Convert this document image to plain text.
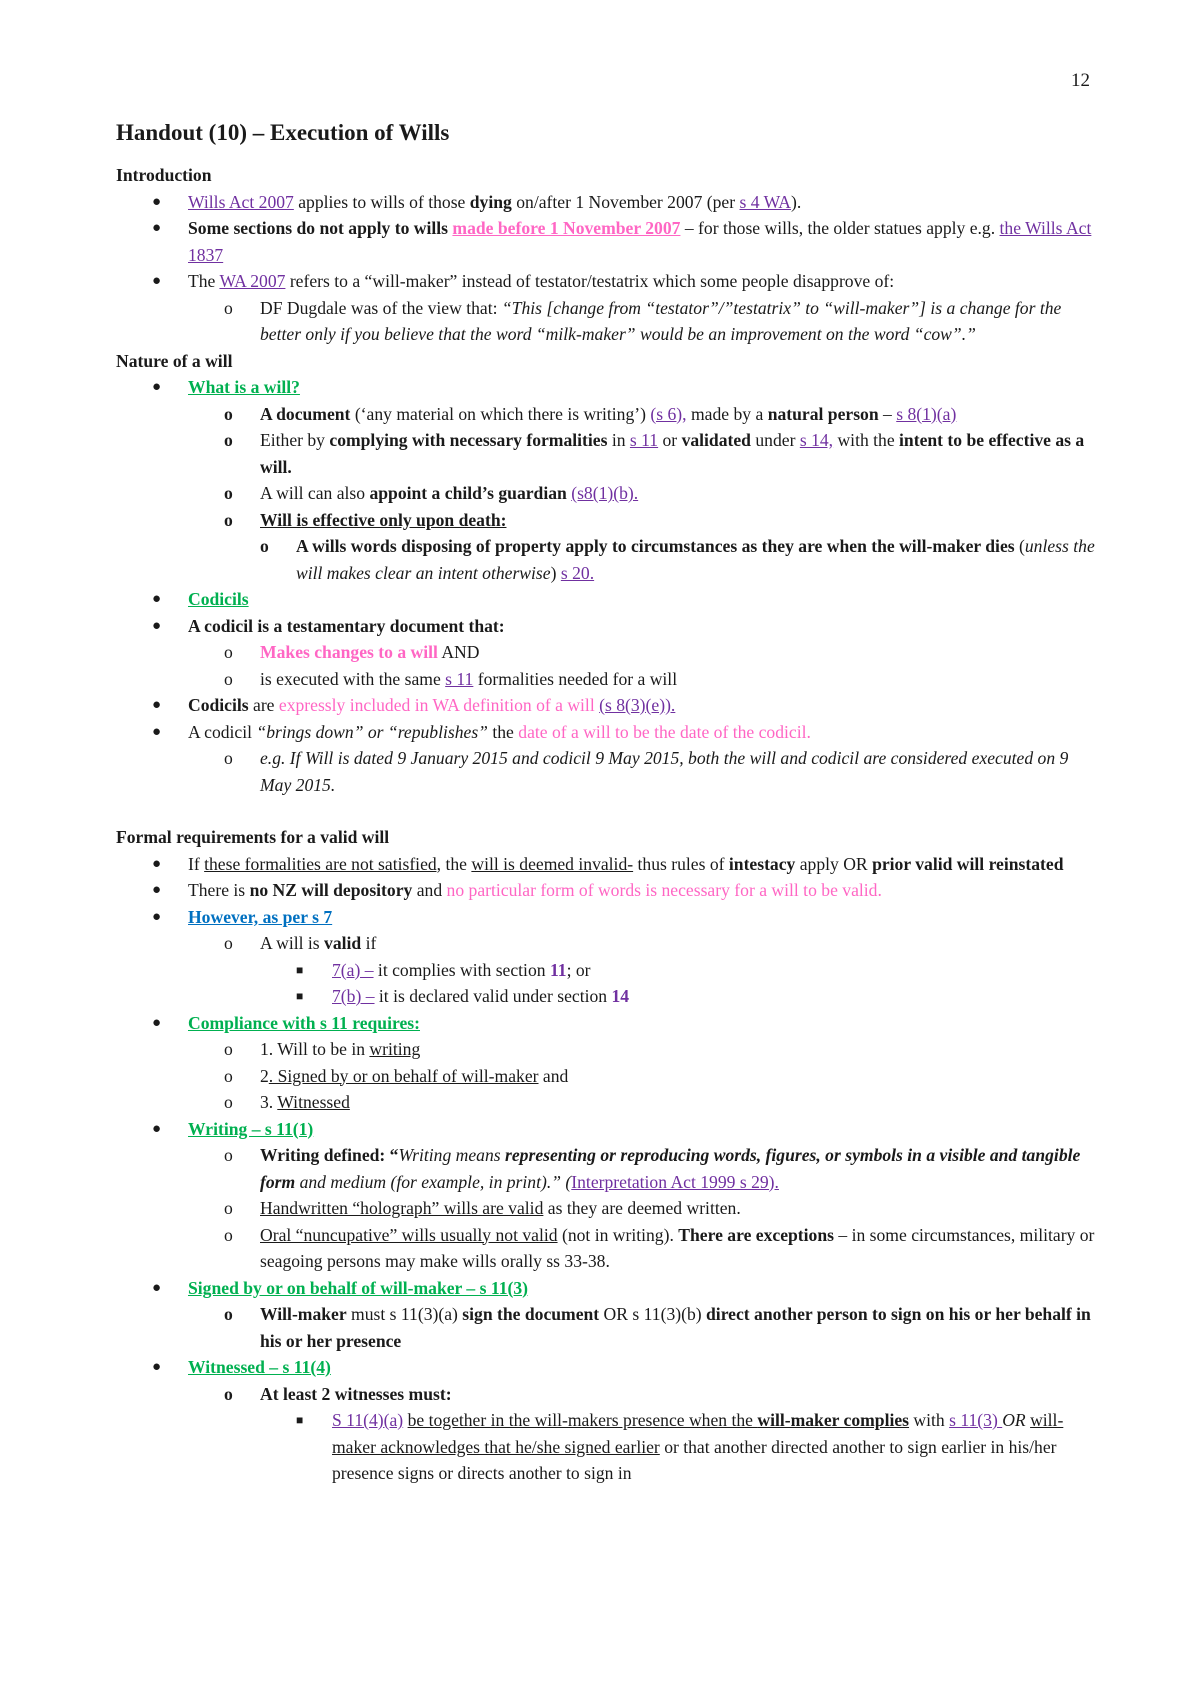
12
Handout (10) – Execution of Wills
Introduction
● Wills Act 2007 applies to wills of those dying on/after 1 November 2007 (per s 4 WA).
● Some sections do not apply to wills made before 1 November 2007 – for those wills, the older statues apply e.g. the Wills Act 1837
● The WA 2007 refers to a “will-maker” instead of testator/testatrix which some people disapprove of:
o DF Dugdale was of the view that: “This [change from “testator”/”testatrix” to “will-maker”] is a change for the better only if you believe that the word “milk-maker” would be an improvement on the word “cow”.”
Nature of a will
● What is a will?
o A document (‘any material on which there is writing’) (s 6), made by a natural person – s 8(1)(a)
o Either by complying with necessary formalities in s 11 or validated under s 14, with the intent to be effective as a will.
o A will can also appoint a child’s guardian (s8(1)(b).
o Will is effective only upon death:
o A wills words disposing of property apply to circumstances as they are when the will-maker dies (unless the will makes clear an intent otherwise) s 20.
● Codicils
● A codicil is a testamentary document that:
o Makes changes to a will AND
o is executed with the same s 11 formalities needed for a will
● Codicils are expressly included in WA definition of a will (s 8(3)(e)).
● A codicil “brings down” or “republishes” the date of a will to be the date of the codicil.
o e.g. If Will is dated 9 January 2015 and codicil 9 May 2015, both the will and codicil are considered executed on 9 May 2015.
Formal requirements for a valid will
● If these formalities are not satisfied, the will is deemed invalid- thus rules of intestacy apply OR prior valid will reinstated
● There is no NZ will depository and no particular form of words is necessary for a will to be valid.
● However, as per s 7
o A will is valid if
■ 7(a) – it complies with section 11; or
■ 7(b) – it is declared valid under section 14
● Compliance with s 11 requires:
o 1. Will to be in writing
o 2. Signed by or on behalf of will-maker and
o 3. Witnessed
● Writing – s 11(1)
o Writing defined: “Writing means representing or reproducing words, figures, or symbols in a visible and tangible form and medium (for example, in print).” (Interpretation Act 1999 s 29).
o Handwritten “holograph” wills are valid as they are deemed written.
o Oral “nuncupative” wills usually not valid (not in writing). There are exceptions – in some circumstances, military or seagoing persons may make wills orally ss 33-38.
● Signed by or on behalf of will-maker – s 11(3)
o Will-maker must s 11(3)(a) sign the document OR s 11(3)(b) direct another person to sign on his or her behalf in his or her presence
● Witnessed – s 11(4)
o At least 2 witnesses must:
■ S 11(4)(a) be together in the will-makers presence when the will-maker complies with s 11(3) OR will-maker acknowledges that he/she signed earlier or that another directed another to sign earlier in his/her presence signs or directs another to sign in
